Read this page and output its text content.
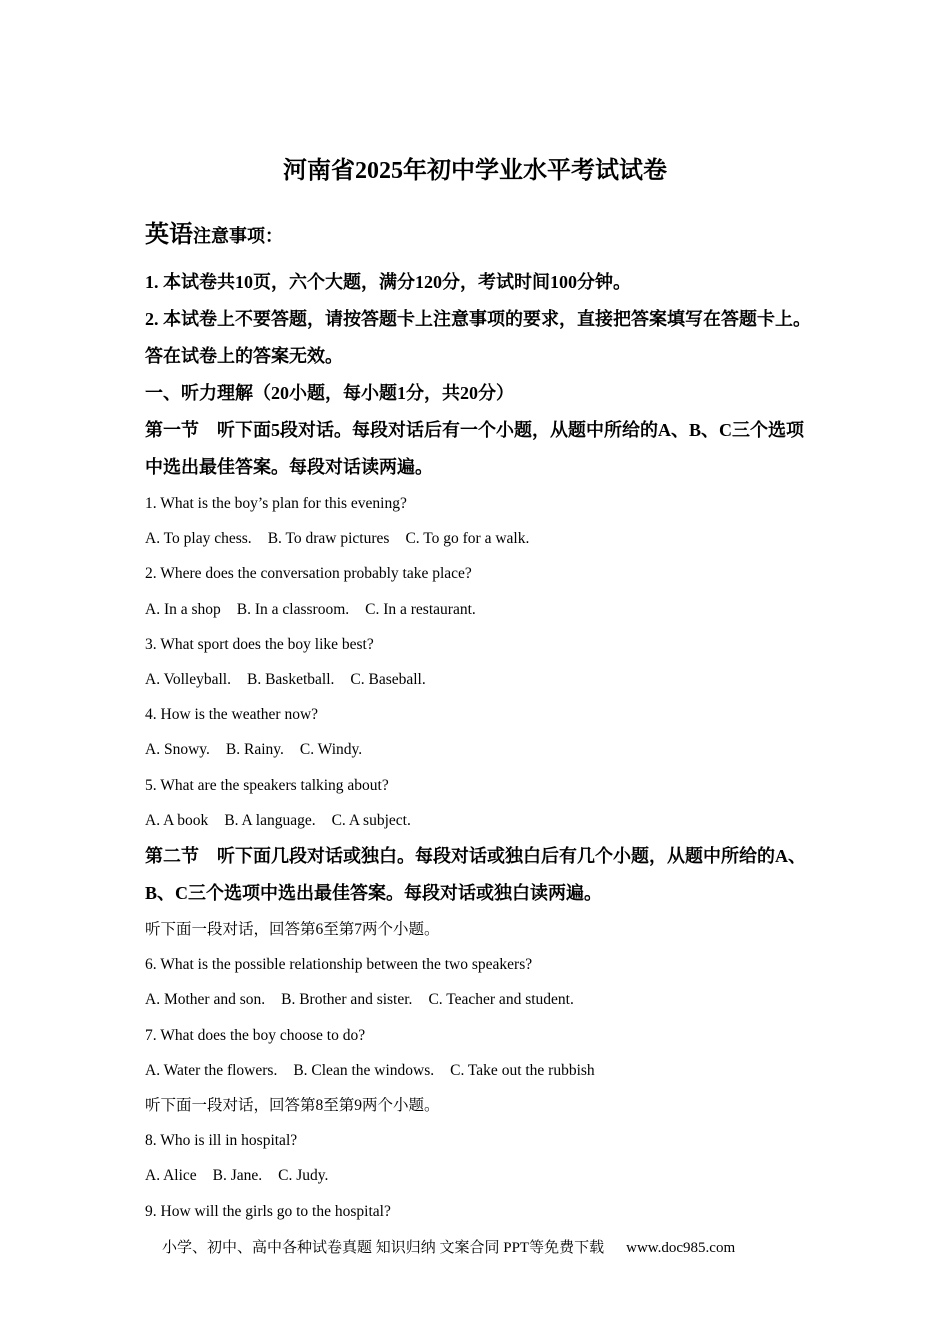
河南省2025年初中学业水平考试试卷
英语注意事项：
1. 本试卷共10页，六个大题，满分120分，考试时间100分钟。
2. 本试卷上不要答题，请按答题卡上注意事项的要求，直接把答案填写在答题卡上。答在试卷上的答案无效。
一、听力理解（20小题，每小题1分，共20分）
第一节　听下面5段对话。每段对话后有一个小题，从题中所给的A、B、C三个选项中选出最佳答案。每段对话读两遍。
1. What is the boy’s plan for this evening?
A. To play chess. B. To draw pictures C. To go for a walk.
2. Where does the conversation probably take place?
A. In a shop B. In a classroom. C. In a restaurant.
3. What sport does the boy like best?
A. Volleyball. B. Basketball. C. Baseball.
4. How is the weather now?
A. Snowy. B. Rainy. C. Windy.
5. What are the speakers talking about?
A. A book B. A language. C. A subject.
第二节　听下面几段对话或独白。每段对话或独白后有几个小题，从题中所给的A、B、C三个选项中选出最佳答案。每段对话或独白读两遍。
听下面一段对话，回答第6至第7两个小题。
6. What is the possible relationship between the two speakers?
A. Mother and son. B. Brother and sister. C. Teacher and student.
7. What does the boy choose to do?
A. Water the flowers. B. Clean the windows. C. Take out the rubbish
听下面一段对话，回答第8至第9两个小题。
8. Who is ill in hospital?
A. Alice B. Jane. C. Judy.
9. How will the girls go to the hospital?
小学、初中、高中各种试卷真题 知识归纳 文案合同 PPT等免费下载 www.doc985.com
